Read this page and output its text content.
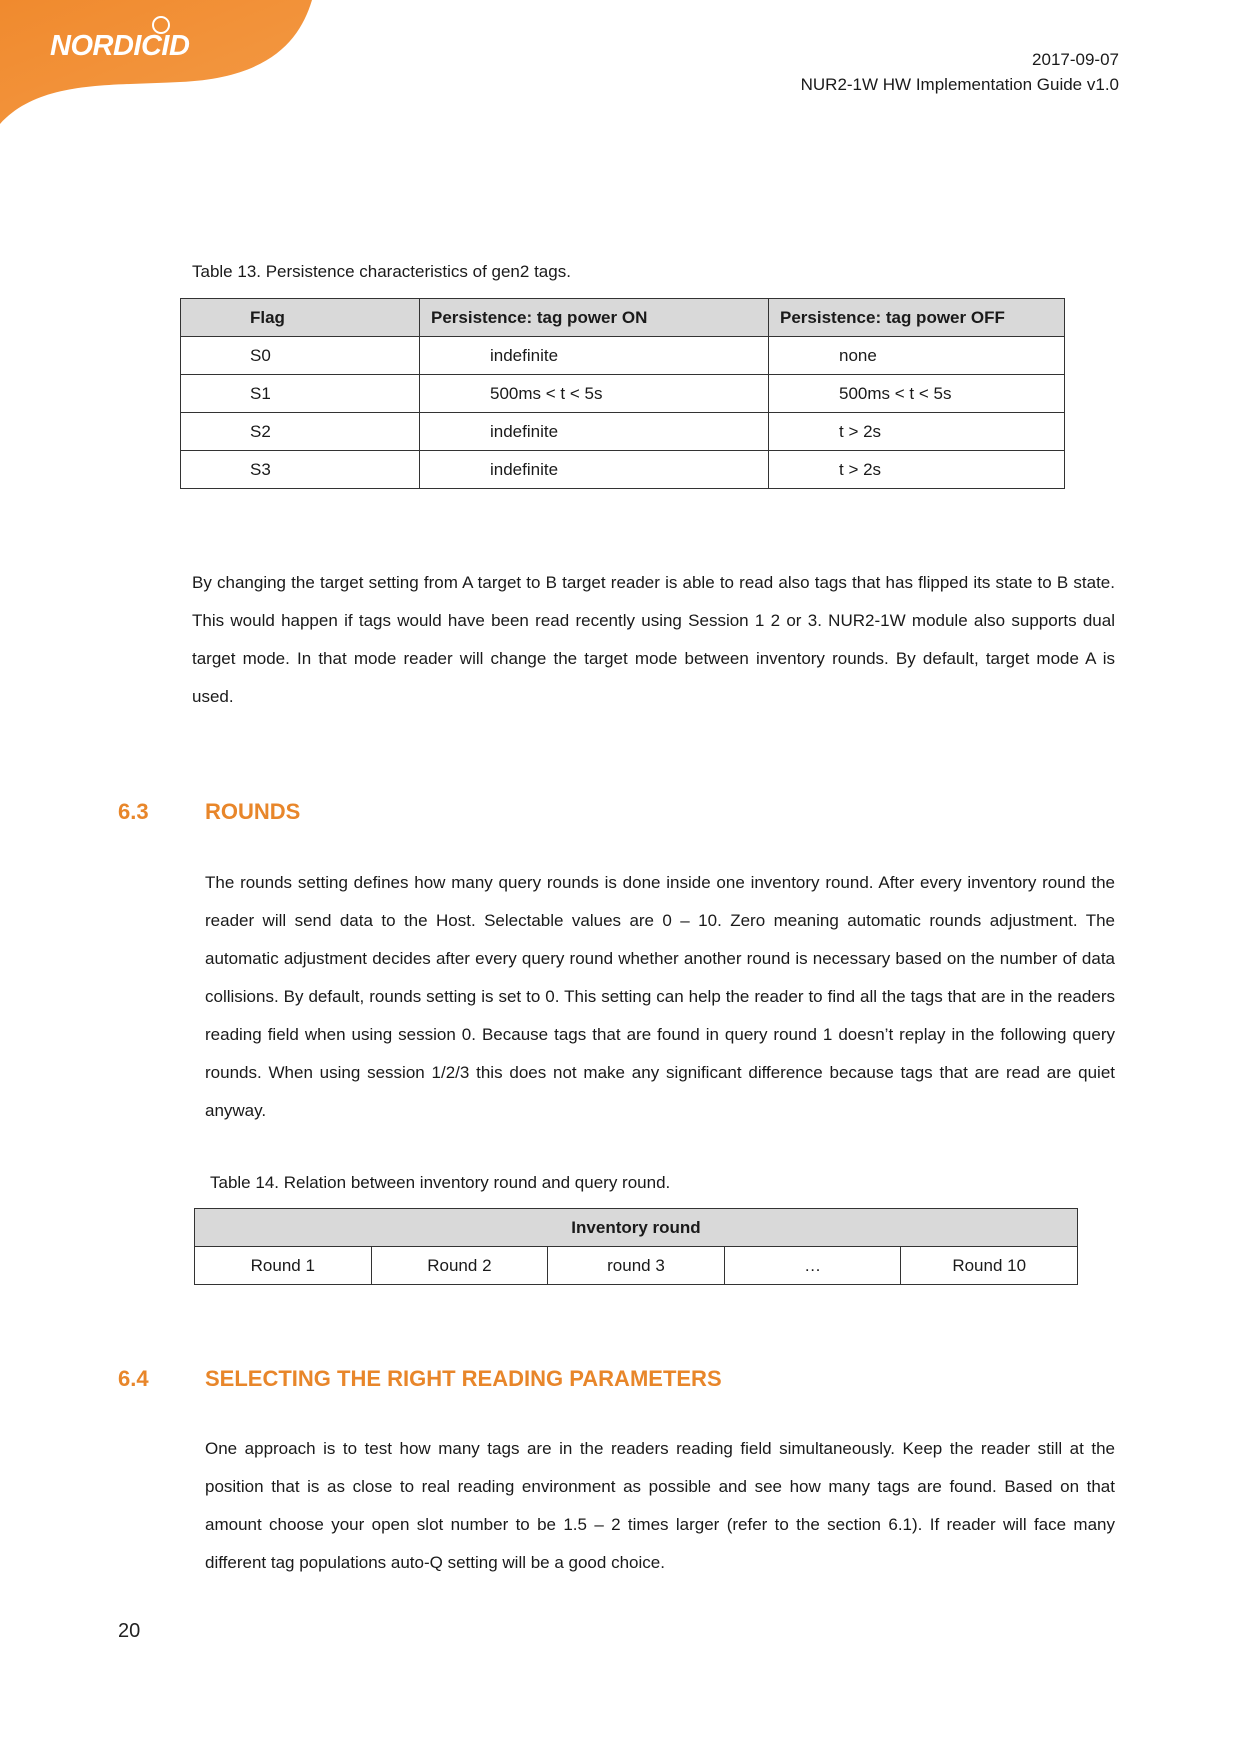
NORDICID	2017-09-07
NUR2-1W HW Implementation Guide v1.0
Table 13. Persistence characteristics of gen2 tags.
Flag	Persistence: tag power ON	Persistence: tag power OFF
S0	indefinite	none
S1	500ms < t < 5s	500ms < t < 5s
S2	indefinite	t > 2s
S3	indefinite	t > 2s
By changing the target setting from A target to B target reader is able to read also tags that has flipped its state to B state. This would happen if tags would have been read recently using Session 1 2 or 3. NUR2-1W module also supports dual target mode. In that mode reader will change the target mode between inventory rounds. By default, target mode A is used.
6.3	ROUNDS
The rounds setting defines how many query rounds is done inside one inventory round. After every inventory round the reader will send data to the Host. Selectable values are 0 – 10. Zero meaning automatic rounds adjustment. The automatic adjustment decides after every query round whether another round is necessary based on the number of data collisions. By default, rounds setting is set to 0. This setting can help the reader to find all the tags that are in the readers reading field when using session 0. Because tags that are found in query round 1 doesn’t replay in the following query rounds. When using session 1/2/3 this does not make any significant difference because tags that are read are quiet anyway.
Table 14. Relation between inventory round and query round.
Inventory round
Round 1	Round 2	round 3	…	Round 10
6.4	SELECTING THE RIGHT READING PARAMETERS
One approach is to test how many tags are in the readers reading field simultaneously. Keep the reader still at the position that is as close to real reading environment as possible and see how many tags are found. Based on that amount choose your open slot number to be 1.5 – 2 times larger (refer to the section 6.1). If reader will face many different tag populations auto-Q setting will be a good choice.
20
